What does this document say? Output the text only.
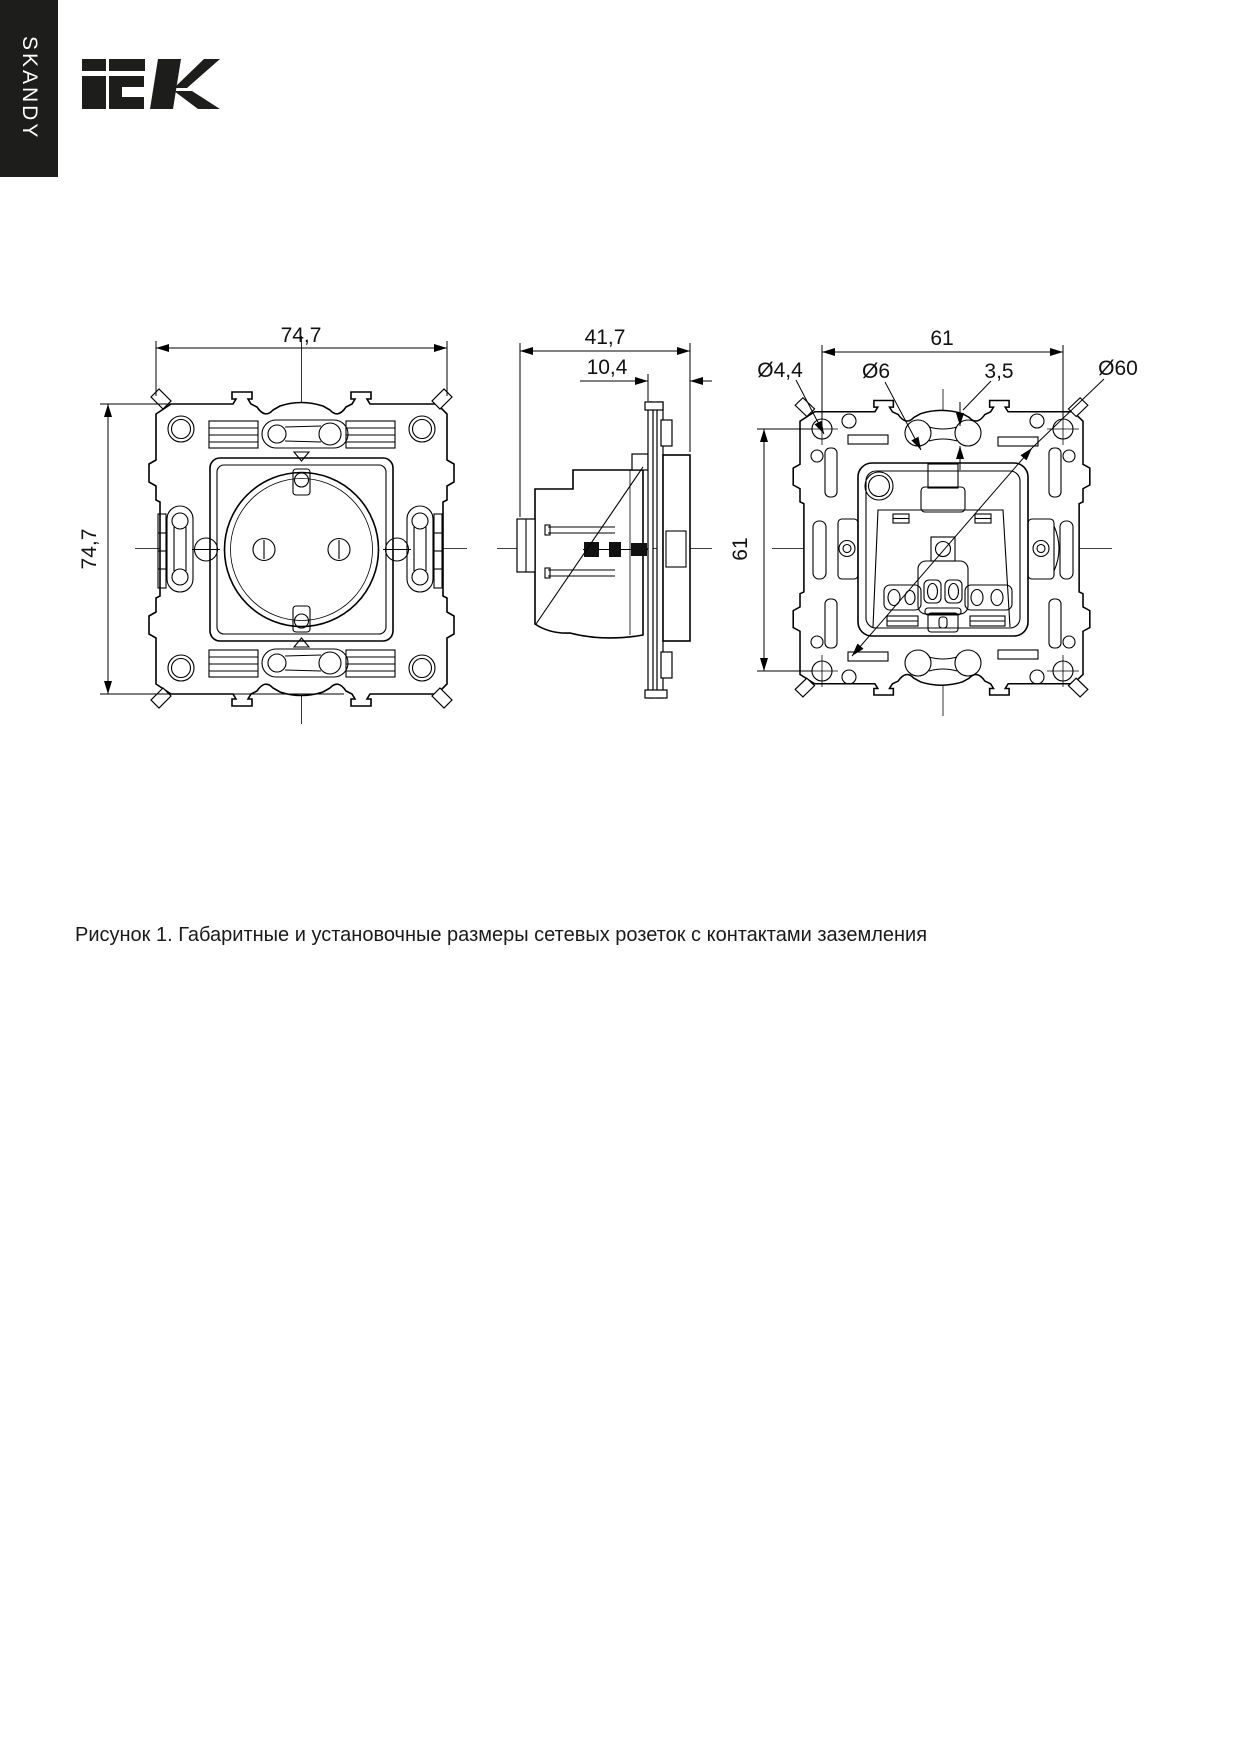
SKANDY
74,7
74,7
41,7
10,4
61
61
Ø4,4	Ø6	3,5	Ø60
Рисунок 1. Габаритные и установочные размеры сетевых розеток с контактами заземления
